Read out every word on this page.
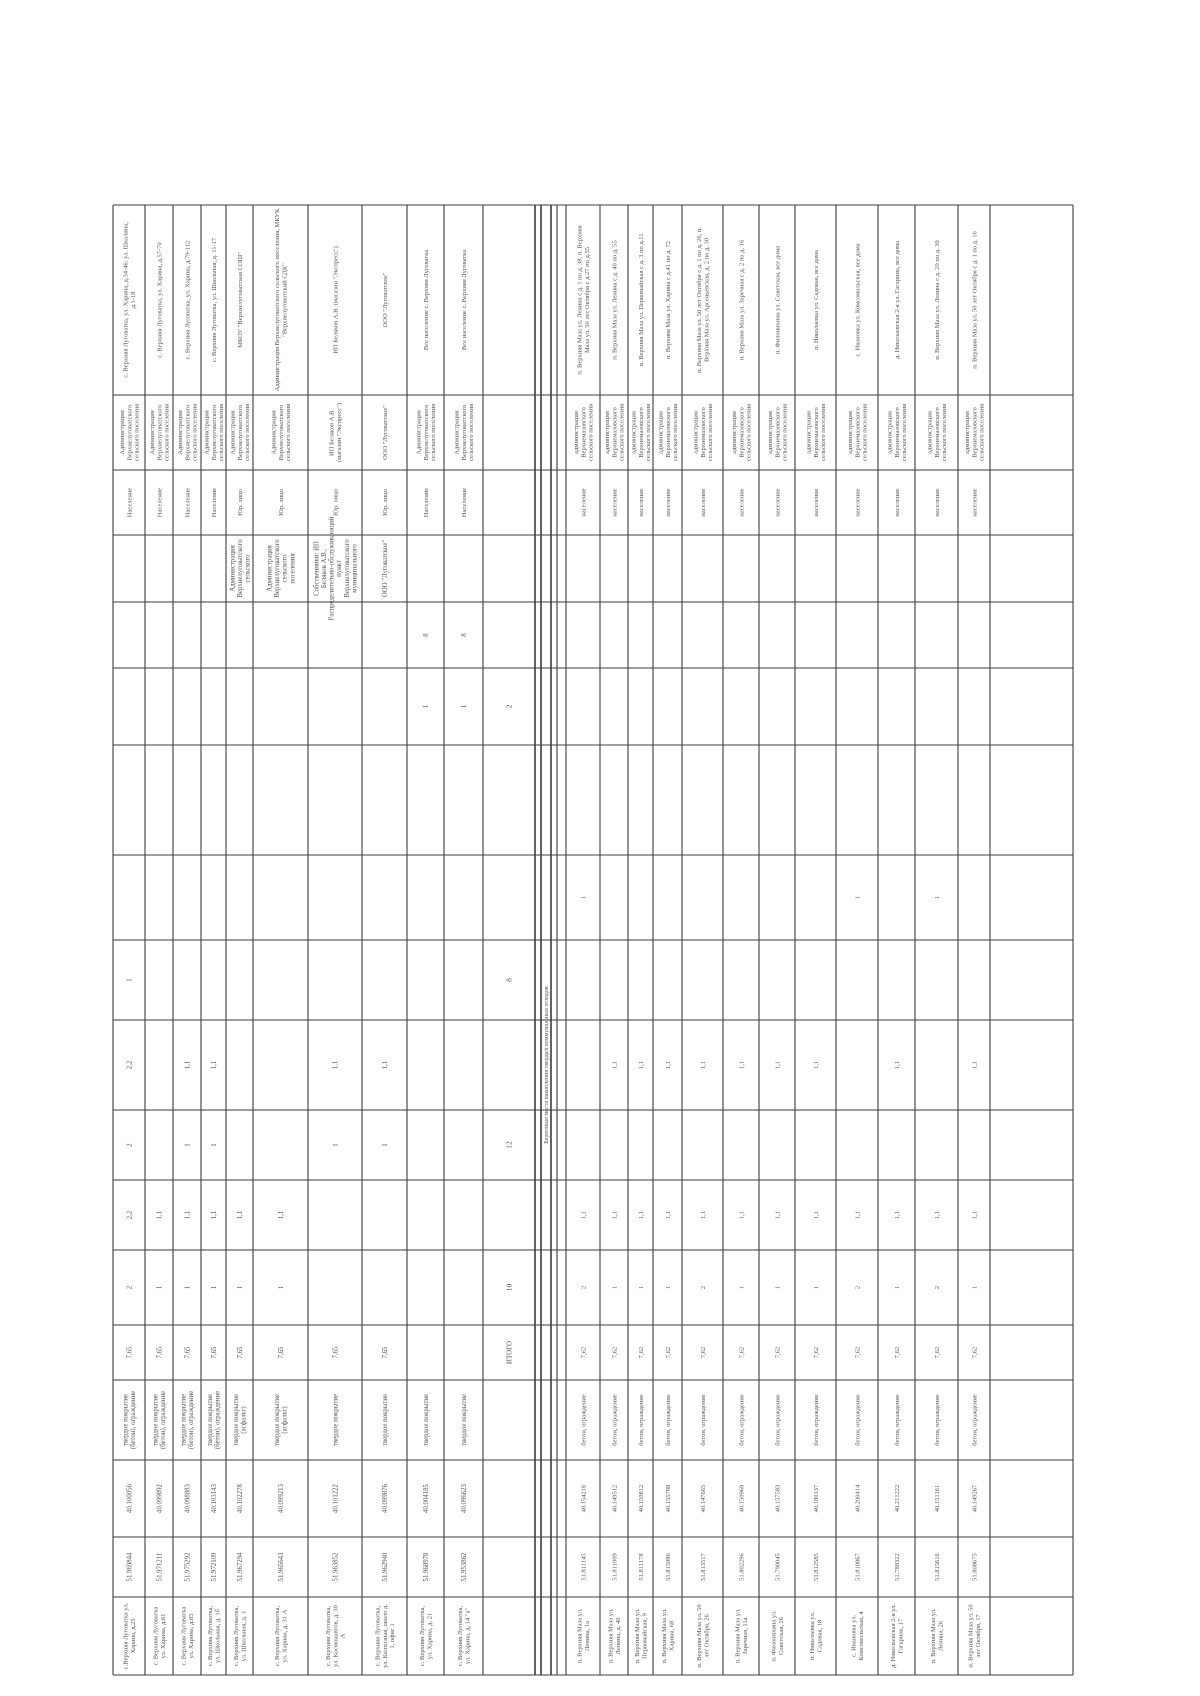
с.Верхняя Луговатка ул.Харина, д.25
51.969844
40.100056
твердое покрытие(бетон), ограждение
7,65
2
2,2
2
2,2
1
Население
АдминистрацияВерхнелуговатскогосельского поселения
с. Верхняя Луговатка, ул. Харина, д.34-46; ул. Шкалина,д.1-18
с. Верхняя Луговаткаул. Харина, д.61
51.971211
40.099892
твердое покрытие(бетон), ограждение
7,65
1
1,1
Население
АдминистрацияВерхнелуговатскогосельского поселения
с. Верхняя Луговатка, ул. Харина, д.57-70
с. Верхняя Луговаткаул. Харина, д.85
51.975292
40.098883
твердое покрытие(бетон), ограждение
7,65
1
1,1
1
1,1
Население
АдминистрацияВерхнелуговатскогосельского поселения
с. Верхняя Луговатка, ул. Харина, д.79-112
с. Верхняя Луговатка,ул. Школьная, д. 1б
51.972109
40.103143
твердое покрытие(бетон), ограждение
7,65
1
1,1
1
1,1
Население
АдминистрацияВерхнелуговатскогосельского поселения
с. Верхняя Луговатка, ул. Школьная, д. 11-17
с. Верхняя Луговатка,ул. Школьная, д. 1
51.967294
40.102278
твердое покрытие(асфальт)
7,65
1
1,1
АдминистрацияВерхнелуговатскогосельского
Юр. лицо
АдминистрацияВерхнелуговатскогосельского поселения
МКОУ "Верхнелуговатская СОШ"
с. Верхняя Луговатка,ул. Харина, д. 31 А
51.965643
40.099213
твердое покрытие(асфальт)
7,65
1
1,1
АдминистрацияВерхнелуговатскогосельскогопоселения
Юр. лицо
АдминистрацияВерхнелуговатскогосельского поселения
Администрация Верхнелуговатского сельского поселения, МКУК"Верхнелуговатский СДК"
с. Верхняя Луговатка,ул. Космонавтов, д. 30А
51.963852
40.101222
твердое покрытие
7,65
1
1,1
Собственники: ИПБеляков А.В.,Распределительно-обслуживающийпунктВерхнелуговатскогомуниципального
Юр. лицо
ИП Беляков А.В.(магазин "Экспресс")
ИП Беляков А.В. (магазин "Экспресс")
с. Верхняя Луговатка,ул. Колхозная, около д.1, офис 1
51.962940
40.099876
твердое покрытие
7,65
1
1,1
ООО "Луговатское"
Юр. лицо
ООО "Луговатское"
ООО "Луговатское"
с. Верхняя Луговатка,ул. Харина, д. 21
51.968978
40.004185
твердое покрытие
1
8
Население
АдминистрацияВерхнелуговатскогосельского поселения
Все население с. Верхняя Луговатка
с. Верхняя Луговатка,ул. Харина, д. 14 "а"
51.953862
40.096623
твердое покрытие
1
8
Население
АдминистрацияВерхнелуговатскогосельского поселения
Все население с. Верхняя Луговатка
ИТОГО
10
12
8
2
Береговые места накопления твердых коммунальных отходов
п. Верхняя Маза ул.Ленина, 1а
51.811145
40.154216
бетон, ограждение
7,62
2
1,1
1
население
администрацияВерхнемазовскогосельского поселения
п. Верхняя Маза ул. Ленина с д. 1 по д. 38, п. ВерхняяМаза ул. 50 лет Октября с д.27 по д.55
п. Верхняя Маза ул.Ленина, д. 40
51.811009
40.149512
бетон, ограждение
7,62
1
1,1
1,1
население
администрацияВерхнемазовскогосельского поселения
п. Верхняя Маза ул. Ленина с д. 40 по д. 55
п. Верхняя Маза ул.Первомайская, 9
51.811178
40.150812
бетон, ограждение
7,62
1
1,1
1,1
население
администрацияВерхнемазовскогосельского поселения
п. Верхняя Маза ул. Первомайская с д. 3 по д.11
п. Верхняя Маза ул.Харина, 68
51.815986
40.155788
бетон, ограждение
7,62
1
1,1
1,1
население
администрацияВерхнемазовскогосельского поселения
п. Верхняя Маза ул. Харина с д.41 по д. 72
п. Верхняя Маза ул. 50лет Октября, 26
51.813517
40.147665
бетон, ограждение
7,62
2
1,1
1,1
население
администрацияВерхнемазовскогосельского поселения
п. Верхняя Маза ул. 50 лет Октября с д. 1 по д. 26, п.Верхняя Маза ул. Арсеньевская, д. 2 по д. 30
п. Верхняя Маза ул.Заречная, 11а
51.802296
40.150969
бетон, ограждение
7,62
1
1,1
1,1
население
администрацияВерхнемазовскогосельского поселения
п. Верхняя Маза ул. Заречная с д. 2 по д. 16
п. Филонихина ул.Советская, 26
51.790045
40.157583
бетон, ограждение
7,62
1
1,1
1,1
население
администрацияВерхнемазовскогосельского поселения
п. Филонихина ул. Советская, все дома
п. Николаевка ул.Садовая, 18
51.812585
40.180137
бетон, ограждение
7,62
1
1,1
1,1
население
администрацияВерхнемазовскогосельского поселения
п. Николаевка ул. Садовая, все дома
с. Ивановка ул.Комсомольская, 4
51.810867
40.200414
бетон, ограждение
7,62
2
1,1
1
население
администрацияВерхнемазовскогосельского поселения
с. Ивановка ул. Комсомольская, все дома
д. Николаевская 2-я ул.Гагарина, 17
51.788322
40.211222
бетон, ограждение
7,62
1
1,1
1,1
население
администрацияВерхнемазовскогосельского поселения
д. Николаевская 2-я ул. Гагарина, все дома
п. Верхняя Маза ул.Ленина, 26
51.815616
40.151161
бетон, ограждение
7,62
2
1,1
1
население
администрацияВерхнемазовскогосельского поселения
п. Верхняя Маза ул. Ленина с д. 20 по д. 39
п. Верхняя Маза ул. 50лет Октября, 17
51.808675
40.149267
бетон, ограждение
7,62
1
1,1
1,1
население
администрацияВерхнемазовскогосельского поселения
п. Верхняя Маза ул. 50 лет Октября с д. 1 по д. 16
